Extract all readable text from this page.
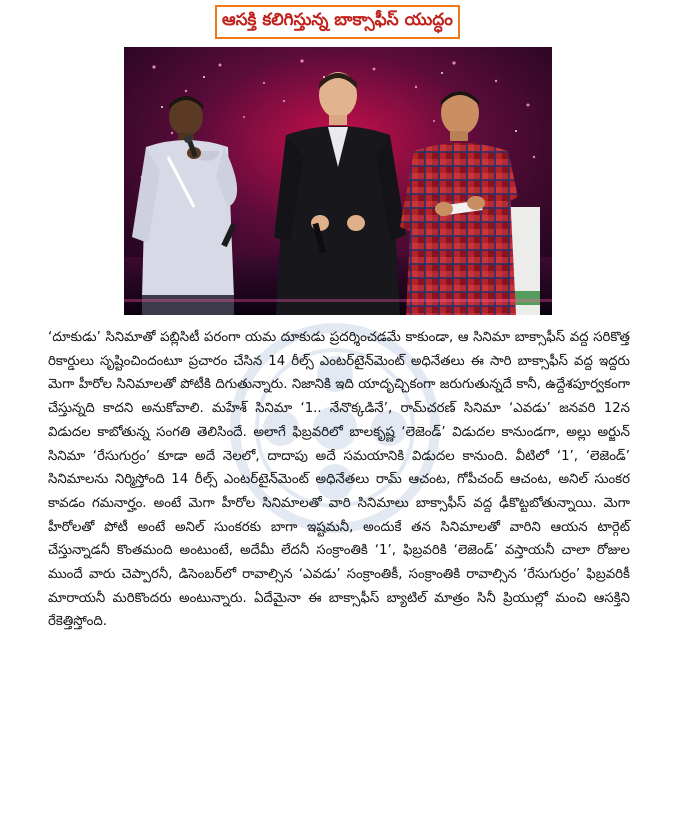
ఆసక్తి కలిగిస్తున్న బాక్సాఫీస్ యుద్ధం

‘దూకుడు’ సినిమాతో పబ్లిసిటీ పరంగా యమ దూకుడు ప్రదర్శించడమే కాకుండా, ఆ సినిమా బాక్సాఫీస్ వద్ద సరికొత్త రికార్డులు సృష్టించిందంటూ ప్రచారం చేసిన 14 రీల్స్ ఎంటర్‌టైన్‌మెంట్ అధినేతలు ఈ సారి బాక్సాఫీస్ వద్ద ఇద్దరు మెగా హీరోల సినిమాలతో పోటీకి దిగుతున్నారు. నిజానికి ఇది యాదృచ్చికంగా జరుగుతున్నదే కానీ, ఉద్దేశపూర్వకంగా చేస్తున్నది కాదని అనుకోవాలి. మహేశ్ సినిమా ‘1.. నేనొక్కడినే’, రామ్‌చరణ్ సినిమా ‘ఎవడు’ జనవరి 12న విడుదల కాబోతున్న సంగతి తెలిసిందే. అలాగే ఫిబ్రవరిలో బాలకృష్ణ ‘లెజెండ్’ విడుదల కానుండగా, అల్లు అర్జున్ సినిమా ‘రేసుగుర్రం’ కూడా అదే నెలలో, దాదాపు అదే సమయానికి విడుదల కానుంది. వీటిలో ‘1’, ‘లెజెండ్’ సినిమాలను నిర్మిస్తోంది 14 రీల్స్ ఎంటర్‌టైన్‌మెంట్ అధినేతలు రామ్ ఆచంట, గోపీచంద్ ఆచంట, అనిల్ సుంకర కావడం గమనార్హం. అంటే మెగా హీరోల సినిమాలతో వారి సినిమాలు బాక్సాఫీస్ వద్ద ఢీకొట్టబోతున్నాయి. మెగా హీరోలతో పోటీ అంటే అనిల్ సుంకరకు బాగా ఇష్టమనీ, అందుకే తన సినిమాలతో వారిని ఆయన టార్గెట్ చేస్తున్నాడనీ కొంతమంది అంటుంటే, అదేమీ లేదనీ సంక్రాంతికి ‘1’, ఫిబ్రవరికి ‘లెజెండ్’ వస్తాయనీ చాలా రోజుల ముందే వారు చెప్పారనీ, డిసెంబర్‌లో రావాల్సిన ‘ఎవడు’ సంక్రాంతికీ, సంక్రాంతికి రావాల్సిన ‘రేసుగుర్రం’ ఫిబ్రవరికీ మారాయనీ మరికొందరు అంటున్నారు. ఏదేమైనా ఈ బాక్సాఫీస్ బ్యాటిల్ మాత్రం సినీ ప్రియుల్లో మంచి ఆసక్తిని రేకెత్తిస్తోంది.
